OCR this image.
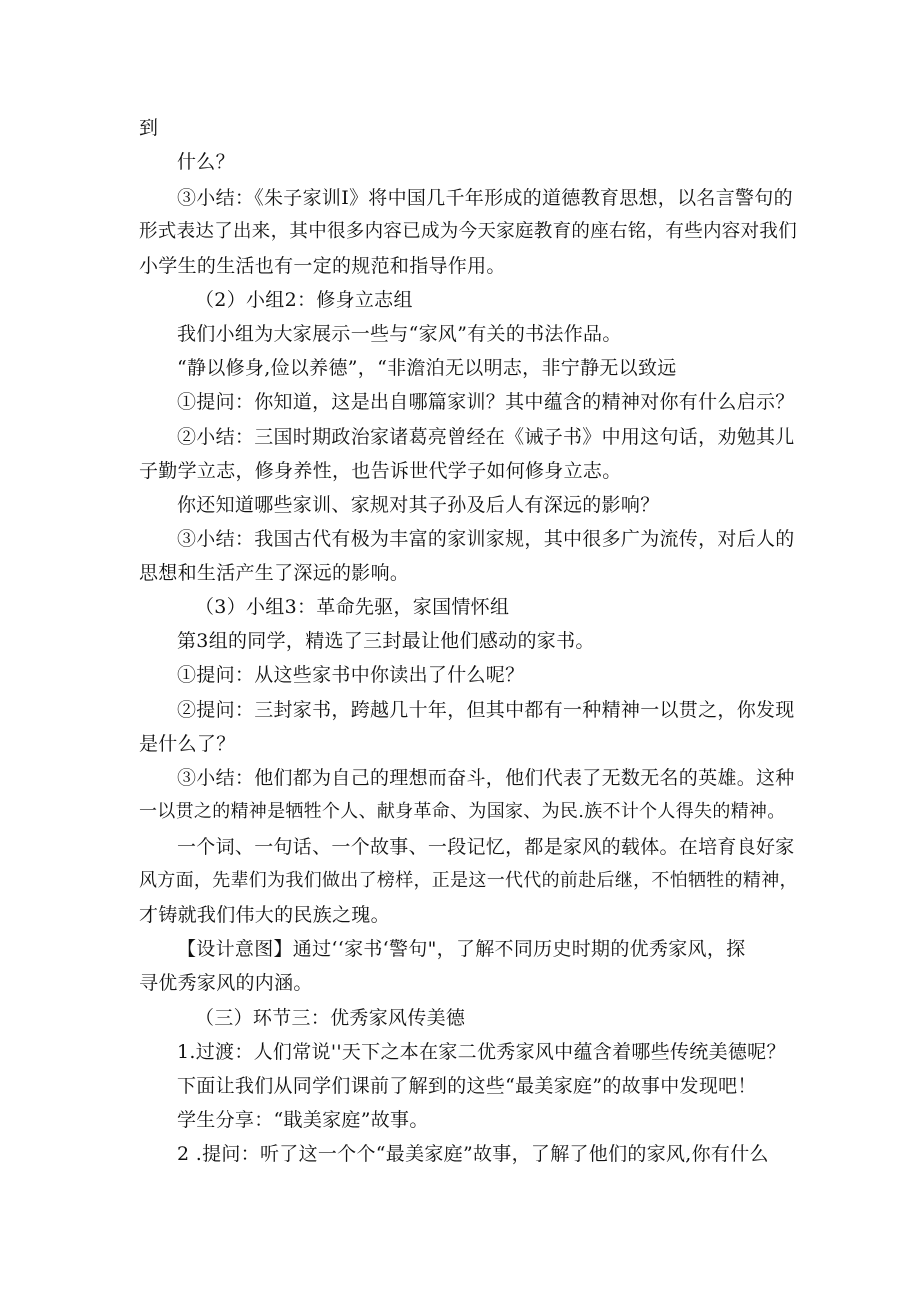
到
什么？
③小结：《朱子家训I》将中国几千年形成的道德教育思想，以名言警句的
形式表达了出来，其中很多内容已成为今天家庭教育的座右铭，有些内容对我们
小学生的生活也有一定的规范和指导作用。
（2）小组2：修身立志组
我们小组为大家展示一些与“家风”有关的书法作品。
“静以修身,俭以养德”，“非澹泊无以明志，非宁静无以致远
①提问：你知道，这是出自哪篇家训？其中蕴含的精神对你有什么启示？
②小结：三国时期政治家诸葛亮曾经在《诫子书》中用这句话，劝勉其儿
子勤学立志，修身养性，也告诉世代学子如何修身立志。
你还知道哪些家训、家规对其子孙及后人有深远的影响？
③小结：我国古代有极为丰富的家训家规，其中很多广为流传，对后人的
思想和生活产生了深远的影响。
（3）小组3：革命先驱，家国情怀组
第3组的同学，精选了三封最让他们感动的家书。
①提问：从这些家书中你读出了什么呢？
②提问：三封家书，跨越几十年，但其中都有一种精神一以贯之，你发现
是什么了？
③小结：他们都为自己的理想而奋斗，他们代表了无数无名的英雄。这种
一以贯之的精神是牺牲个人、献身革命、为国家、为民.族不计个人得失的精神。
一个词、一句话、一个故事、一段记忆，都是家风的载体。在培育良好家
风方面，先辈们为我们做出了榜样，正是这一代代的前赴后继，不怕牺牲的精神，
才铸就我们伟大的民族之瑰。
【设计意图】通过‘‘家书‘警句"，了解不同历史时期的优秀家风，探
寻优秀家风的内涵。
（三）环节三：优秀家风传美德
1.过渡：人们常说''天下之本在家二优秀家风中蕴含着哪些传统美德呢？
下面让我们从同学们课前了解到的这些“最美家庭”的故事中发现吧！
学生分享：“戢美家庭”故事。
2 .提问：听了这一个个“最美家庭”故事，了解了他们的家风,你有什么
